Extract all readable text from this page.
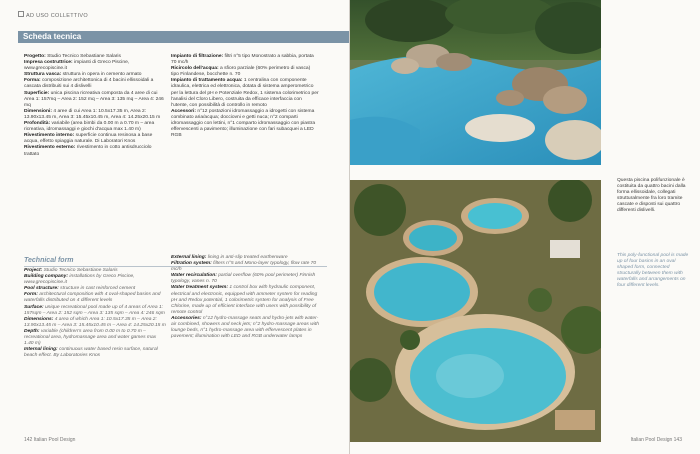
AD USO COLLETTIVO
Scheda tecnica

Progetto: Studio Tecnico Sebastiane Salaris

Impresa costruttrice: impianti di Greco Piscine, www.grecopiscine.it

Struttura vasca: struttura in opera in cemento armato

Forma: composizione architettonica di 4 bacini ellissoidali a cascata distribuiti sui 4 dislivelli

Superficie: unica piscina ricreativa composta da 4 aree di cui Area 1: 157mq – Area 2: 152 mq – Area 3: 135 mq – Area 4: 246 mq

Dimensioni: 4 aree di cui Area 1: 10.5x17.35 m, Area 2: 13.90x13.45 m, Area 3: 15.45x10.45 m, Area 4: 14.25x20.15 m

Profondità: variabile (area bimbi da 0.00 m a 0.70 m – area ricreativa, idromassaggi e giochi d'acqua max 1.40 m)

Rivestimento interno: superficie continua resinosa a base acqua, effetto spiaggia naturale. Di Laboratori Knos

Rivestimento esterno: rivestimento in cotto antisdrucciolo trattato

Impianto di filtrazione: filtri n°5 tipo Monostrato a sabbia, portata 70 mc/h

Ricircolo dell'acqua: a sfioro parziale (60% perimetro di vasca) tipo Finlandese, bocchette n. 70

Impianto di trattamento acqua: 1 centralina con componente idraulica, elettrica ed elettronica, dotata di sistema amperometrico per la lettura del pH e Potenziale Redox, 1 sistema colorimetrico per l'analisi del Cloro Libero, costruita da efficace interfaccia con l'utente, con possibilità di controllo in remoto

Accessori: n°12 postazioni idromassaggio a idrogetti con sistema combinato aria/acqua; docciovni e getti nuca; n°2 comparti idromassaggio con lettini, n°1 comparto idromassaggio con piastra effervescenti a pavimento; illuminazione con fari subacquei a LED RGB

Technical form

Project: Studio Tecnico Sebastiane Salaris

Building company: installations by Greco Piscine, www.grecopiscine.it

Pool structure: structure in cast reinforced cement

Form: architectural composition with 4 oval-shaped basins and waterfalls distributed on 4 different levels

Surface: unique recreational pool made up of 4 areas of Area 1: 157sqm – Area 2: 152 sqm – Area 3: 135 sqm – Area 4: 246 sqm

Dimensions: 4 area of which Area 1: 10.5x17.35 m – Area 2: 13.90x13.45 m – Area 3: 15.45x10.45 m – Area 4: 14.25x20.15 m

Depth: variable (children's area from 0.00 m to 0.70 m – recreational area, hydromassage area and water games max 1.40 m)

Internal lining: continuous water based resin surface, natural beach effect. By Laboratories Knos

External lining: lining in anti-slip treated earthenware

Filtration system: filters n°5 and Mono-layer typology, flow rate 70 mc/h

Water recirculation: partial overflow (60% pool perimeter) Finnish typology, vanes n. 70

Water treatment system: 1 control box with hydraulic component, electrical and electronic, equipped with ammeter system for reading pH and Redox potential, 1 colorimetric system for analysis of Free Chlorine, made up of efficient interface with users with possibility of remote control

Accessories: n°12 hydro-massage seats and hydro-jets with water-air combined, showers and neck jets; n°2 hydro-massage areas with lounge beds, n°1 hydro-massage area with effervescent plates in pavement; illumination with LED and RGB underwater lamps

142 Italian Pool Design
Questa piscina polifunzionale è costituita da quattro bacini dalla forma ellissoidale, collegati strutturalmente fra loro tramite cascate e disposti sui quattro differenti dislivelli.
This poly-functional pool is made up of four basins in an oval shaped form, connected structurally between them with waterfalls and arrangements on four different levels.
Italian Pool Design 143
